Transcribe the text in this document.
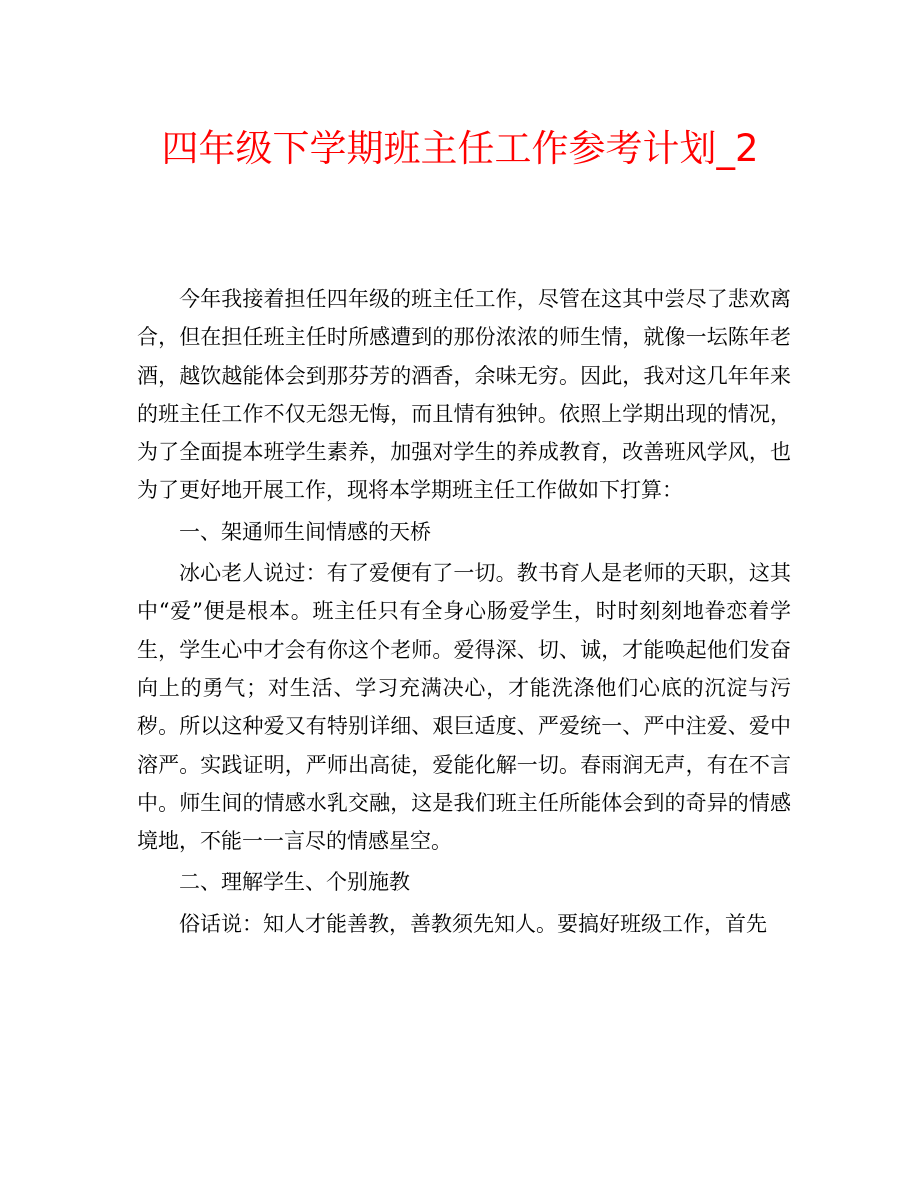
四年级下学期班主任工作参考计划_2

今年我接着担任四年级的班主任工作，尽管在这其中尝尽了悲欢离合，但在担任班主任时所感遭到的那份浓浓的师生情，就像一坛陈年老酒，越饮越能体会到那芬芳的酒香，余味无穷。因此，我对这几年年来的班主任工作不仅无怨无悔，而且情有独钟。依照上学期出现的情况，为了全面提本班学生素养，加强对学生的养成教育，改善班风学风，也为了更好地开展工作，现将本学期班主任工作做如下打算：

一、架通师生间情感的天桥

冰心老人说过：有了爱便有了一切。教书育人是老师的天职，这其中“爱”便是根本。班主任只有全身心肠爱学生，时时刻刻地眷恋着学生，学生心中才会有你这个老师。爱得深、切、诚，才能唤起他们发奋向上的勇气；对生活、学习充满决心，才能洗涤他们心底的沉淀与污秽。所以这种爱又有特别详细、艰巨适度、严爱统一、严中注爱、爱中溶严。实践证明，严师出高徒，爱能化解一切。春雨润无声，有在不言中。师生间的情感水乳交融，这是我们班主任所能体会到的奇异的情感境地，不能一一言尽的情感星空。

二、理解学生、个别施教

俗话说：知人才能善教，善教须先知人。要搞好班级工作，首先
